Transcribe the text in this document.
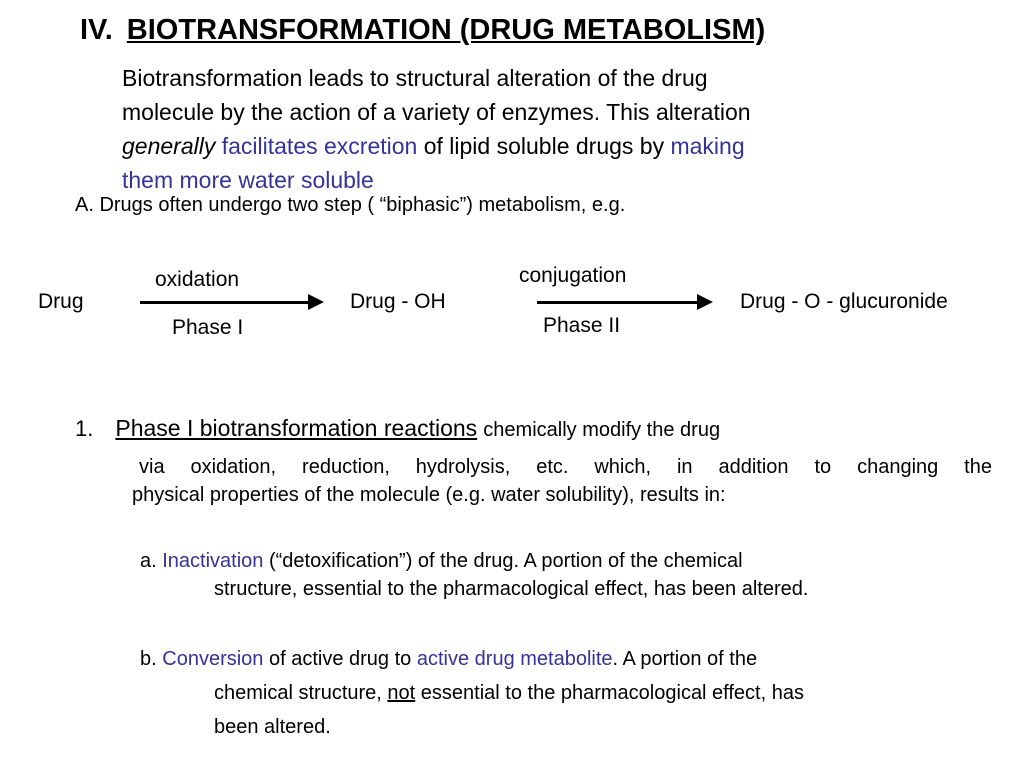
IV. BIOTRANSFORMATION (DRUG METABOLISM)
Biotransformation leads to structural alteration of the drug
molecule by the action of a variety of enzymes. This alteration
generally facilitates excretion of lipid soluble drugs by making
them more water soluble
A. Drugs often undergo two step ( “biphasic”) metabolism, e.g.
Drug
oxidation
Phase I
Drug - OH
conjugation
Phase II
Drug - O - glucuronide
1. Phase I biotransformation reactions chemically modify the drug
via oxidation, reduction, hydrolysis, etc. which, in addition to changing the
physical properties of the molecule (e.g. water solubility), results in:
a. Inactivation (“detoxification”) of the drug. A portion of the chemical
structure, essential to the pharmacological effect, has been altered.
b. Conversion of active drug to active drug metabolite. A portion of the
chemical structure, not essential to the pharmacological effect, has
been altered.
